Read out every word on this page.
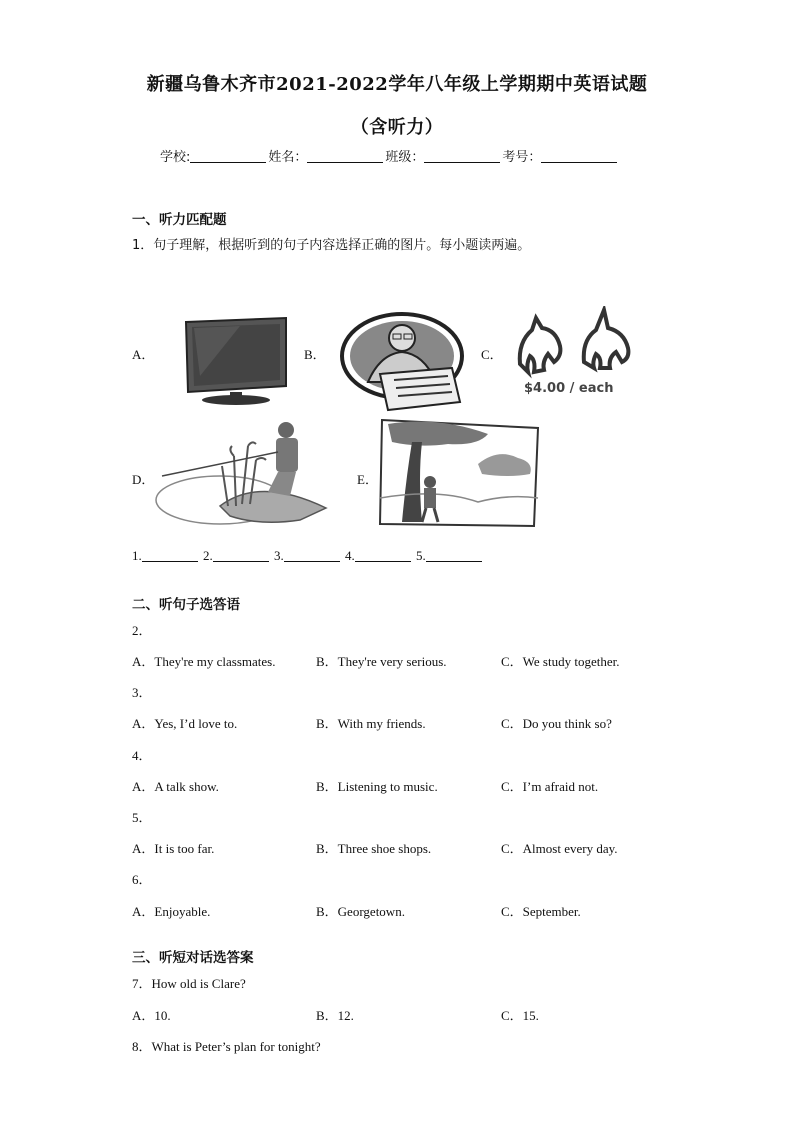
新疆乌鲁木齐市2021-2022学年八年级上学期期中英语试题
（含听力）
学校:	姓名：	班级：	考号：
一、听力匹配题
1．句子理解，根据听到的句子内容选择正确的图片。每小题读两遍。
A．	B．	C．
D．	E．
$4.00 / each
1.	2.	3.	4.	5.
二、听句子选答语
2．
A．They're my classmates.	B．They're very serious.	C．We study together.
3．
A．Yes, I’d love to.	B．With my friends.	C．Do you think so?
4．
A．A talk show.	B．Listening to music.	C．I’m afraid not.
5．
A．It is too far.	B．Three shoe shops.	C．Almost every day.
6．
A．Enjoyable.	B．Georgetown.	C．September.
三、听短对话选答案
7．How old is Clare?
A．10.	B．12.	C．15.
8．What is Peter’s plan for tonight?
